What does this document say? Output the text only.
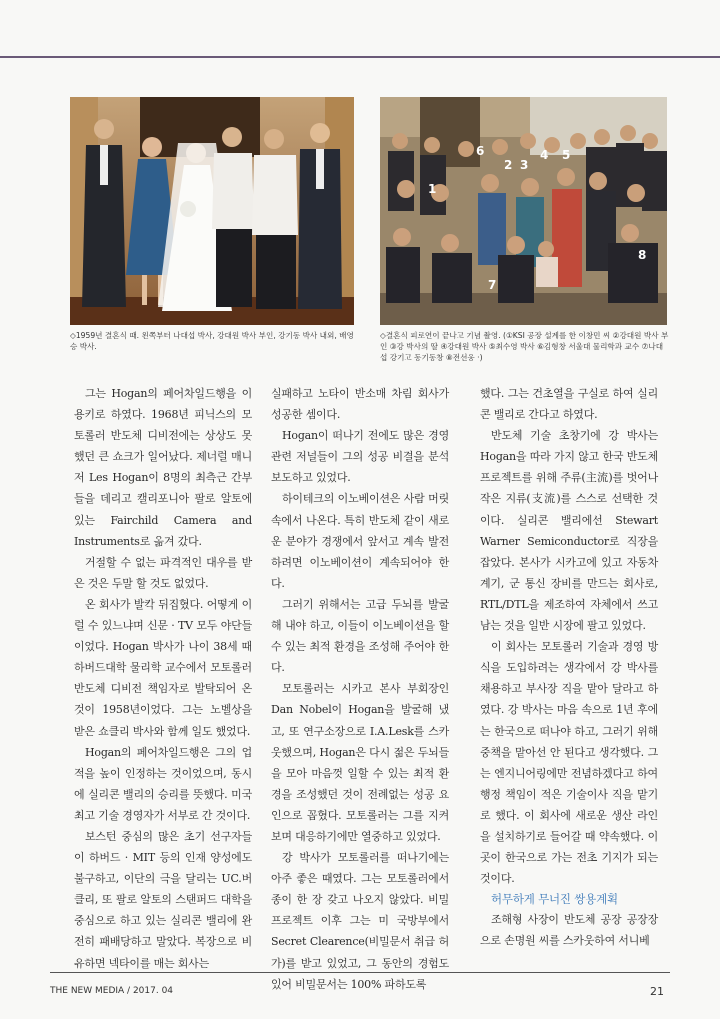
◇1959년 결혼식 때. 왼쪽부터 나대섭 박사, 강대원 박사 부인, 강기동 박사 내외, 배영승 박사.
1
2 3
4 5
6
7
8
◇결혼식 피로연이 끝나고 기념 촬영. (①KSI 공장 설계를 한 이창민 씨 ②강대원 박사 부인 ③강 박사의 딸 ④강대원 박사 ⑤최수영 박사 ⑥김형창 서울대 물리학과 교수 ⑦나대섭 강기고 동기동창 ⑧전선웅 ·)

그는 Hogan의 페어차일드행을 이용키로 하였다. 1968년 피닉스의 모토롤러 반도체 디비전에는 상상도 못했던 큰 쇼크가 일어났다. 제너럴 매니저 Les Hogan이 8명의 최측근 간부들을 데리고 캘리포니아 팔로 알토에 있는 Fairchild Camera and Instruments로 옮겨 갔다.

거절할 수 없는 파격적인 대우를 받은 것은 두말 할 것도 없었다.

온 회사가 발칵 뒤집혔다. 어떻게 이럴 수 있느냐며 신문 · TV 모두 야단들이었다. Hogan 박사가 나이 38세 때 하버드대학 물리학 교수에서 모토롤러 반도체 디비전 책임자로 발탁되어 온 것이 1958년이었다. 그는 노벨상을 받은 쇼클리 박사와 함께 일도 했었다.

Hogan의 페어차일드행은 그의 업적을 높이 인정하는 것이었으며, 동시에 실리콘 밸리의 승리를 뜻했다. 미국 최고 기술 경영자가 서부로 간 것이다.

보스턴 중심의 많은 초기 선구자들이 하버드 · MIT 등의 인재 양성에도 불구하고, 이단의 극을 달리는 UC.버클리, 또 팔로 알토의 스탠퍼드 대학을 중심으로 하고 있는 실리콘 밸리에 완전히 패배당하고 말았다. 복장으로 비유하면 넥타이를 매는 회사는

실패하고 노타이 반소매 차림 회사가 성공한 셈이다.

Hogan이 떠나기 전에도 많은 경영 관련 저널들이 그의 성공 비결을 분석 보도하고 있었다.

하이테크의 이노베이션은 사람 머릿속에서 나온다. 특히 반도체 같이 새로운 분야가 경쟁에서 앞서고 계속 발전하려면 이노베이션이 계속되어야 한다.

그러기 위해서는 고급 두뇌를 발굴해 내야 하고, 이들이 이노베이션을 할 수 있는 최적 환경을 조성해 주어야 한다.

모토롤러는 시카고 본사 부회장인 Dan Nobel이 Hogan을 발굴해 냈고, 또 연구소장으로 I.A.Lesk를 스카웃했으며, Hogan은 다시 젊은 두뇌들을 모아 마음껏 일할 수 있는 최적 환경을 조성했던 것이 전례없는 성공 요인으로 꼽혔다. 모토롤러는 그를 지켜 보며 대응하기에만 열중하고 있었다.

강 박사가 모토롤러를 떠나기에는 아주 좋은 때였다. 그는 모토롤러에서 종이 한 장 갖고 나오지 않았다. 비밀 프로젝트 이후 그는 미 국방부에서 Secret Clearence(비밀문서 취급 허가)를 받고 있었고, 그 동안의 경험도 있어 비밀문서는 100% 파하도록

했다. 그는 건초열을 구실로 하여 실리콘 밸리로 간다고 하였다.

반도체 기술 초창기에 강 박사는 Hogan을 따라 가지 않고 한국 반도체 프로젝트를 위해 주류(主流)를 벗어나 작은 지류(支流)를 스스로 선택한 것이다. 실리콘 밸리에선 Stewart Warner Semiconductor로 직장을 잡았다. 본사가 시카고에 있고 자동차 계기, 군 통신 장비를 만드는 회사로, RTL/DTL을 제조하여 자체에서 쓰고 남는 것을 일반 시장에 팔고 있었다.

이 회사는 모토롤러 기술과 경영 방식을 도입하려는 생각에서 강 박사를 채용하고 부사장 직을 맡아 달라고 하였다. 강 박사는 마음 속으로 1년 후에는 한국으로 떠나야 하고, 그러기 위해 중책을 맡아선 안 된다고 생각했다. 그는 엔지니어링에만 전념하겠다고 하여 행정 책임이 적은 기술이사 직을 맡기로 했다. 이 회사에 새로운 생산 라인을 설치하기로 들어갈 때 약속했다. 이 곳이 한국으로 가는 전초 기지가 되는 것이다.

허무하게 무너진 쌍용계획

조해형 사장이 반도체 공장 공장장으로 손명원 씨를 스카웃하여 서니베

THE NEW MEDIA / 2017. 04	21
